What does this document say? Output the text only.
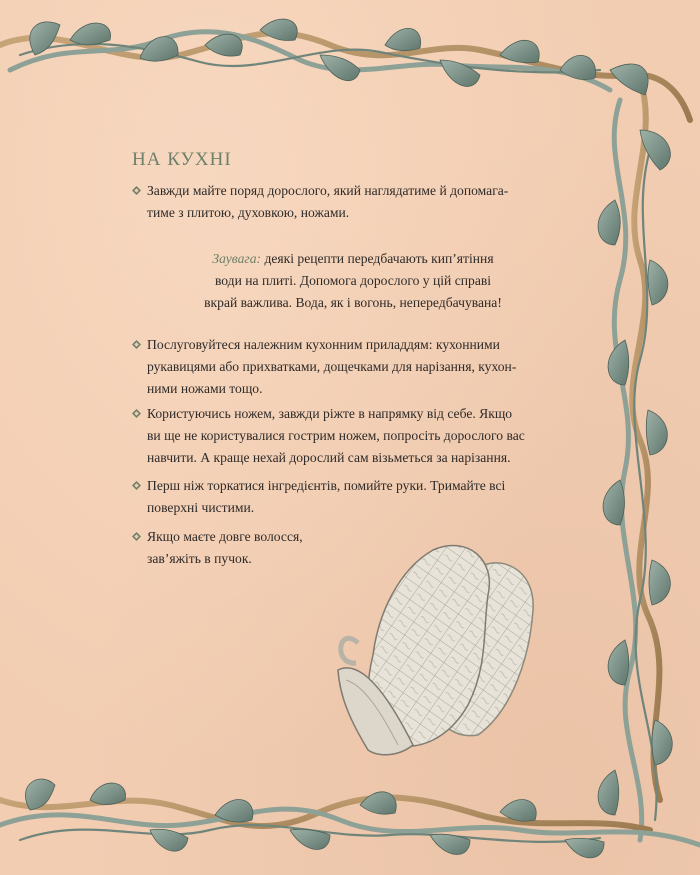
НА КУХНІ
Завжди майте поряд дорослого, який наглядатиме й допомага-
тиме з плитою, духовкою, ножами.
Заувага: деякі рецепти передбачають кип’ятіння
води на плиті. Допомога дорослого у цій справі
вкрай важлива. Вода, як і вогонь, непередбачувана!
Послуговуйтеся належним кухонним приладдям: кухонними
рукавицями або прихватками, дощечками для нарізання, кухон-
ними ножами тощо.
Користуючись ножем, завжди ріжте в напрямку від себе. Якщо
ви ще не користувалися гострим ножем, попросіть дорослого вас
навчити. А краще нехай дорослий сам візьметься за нарізання.
Перш ніж торкатися інгредієнтів, помийте руки. Тримайте всі
поверхні чистими.
Якщо маєте довге волосся,
зав’яжіть в пучок.
